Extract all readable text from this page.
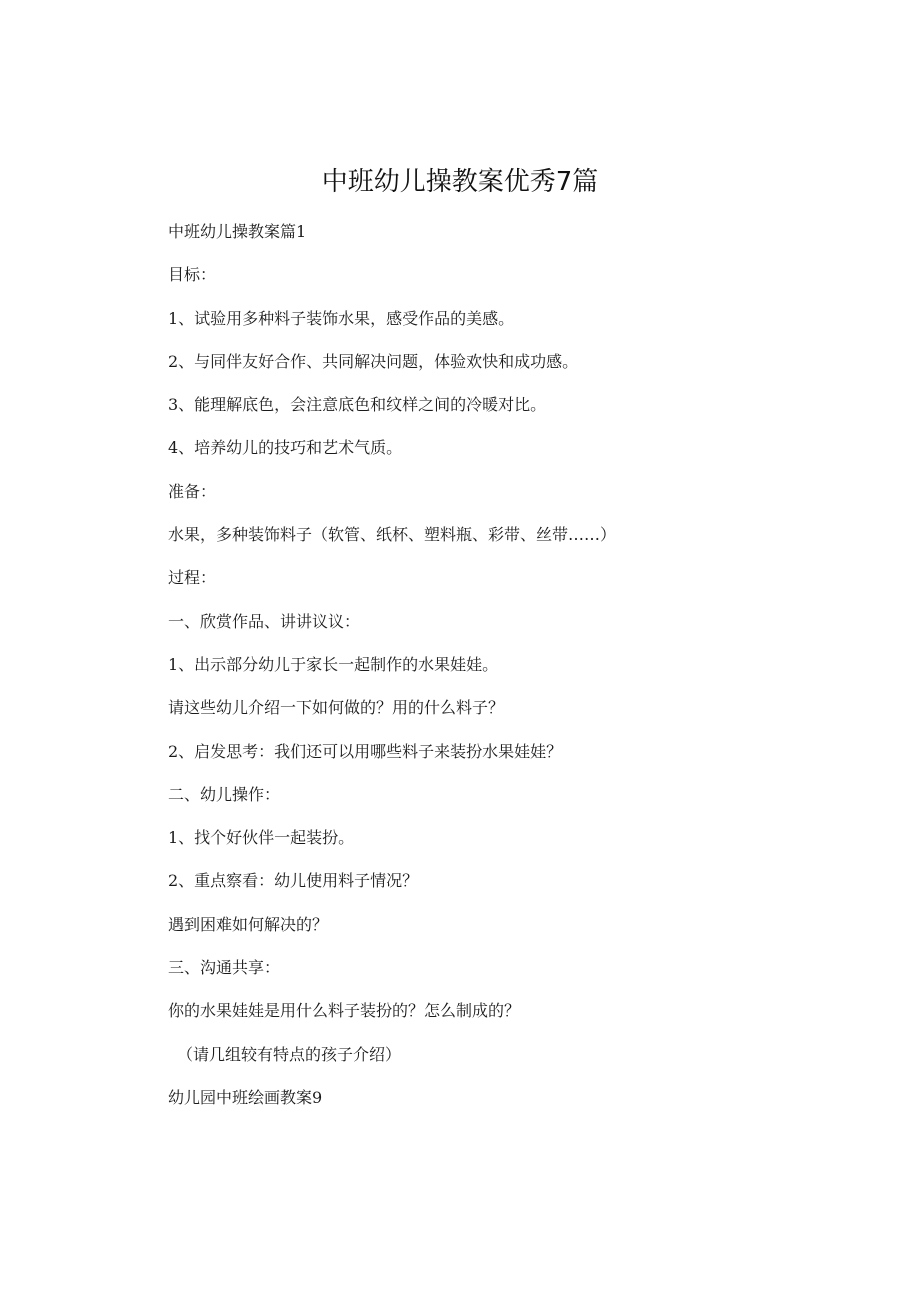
中班幼儿操教案优秀7篇
中班幼儿操教案篇1
目标：
1、试验用多种料子装饰水果，感受作品的美感。
2、与同伴友好合作、共同解决问题，体验欢快和成功感。
3、能理解底色，会注意底色和纹样之间的冷暖对比。
4、培养幼儿的技巧和艺术气质。
准备：
水果，多种装饰料子（软管、纸杯、塑料瓶、彩带、丝带……）
过程：
一、欣赏作品、讲讲议议：
1、出示部分幼儿于家长一起制作的水果娃娃。
请这些幼儿介绍一下如何做的？用的什么料子？
2、启发思考：我们还可以用哪些料子来装扮水果娃娃？
二、幼儿操作：
1、找个好伙伴一起装扮。
2、重点察看：幼儿使用料子情况？
遇到困难如何解决的？
三、沟通共享：
你的水果娃娃是用什么料子装扮的？怎么制成的？
（请几组较有特点的孩子介绍）
幼儿园中班绘画教案9
